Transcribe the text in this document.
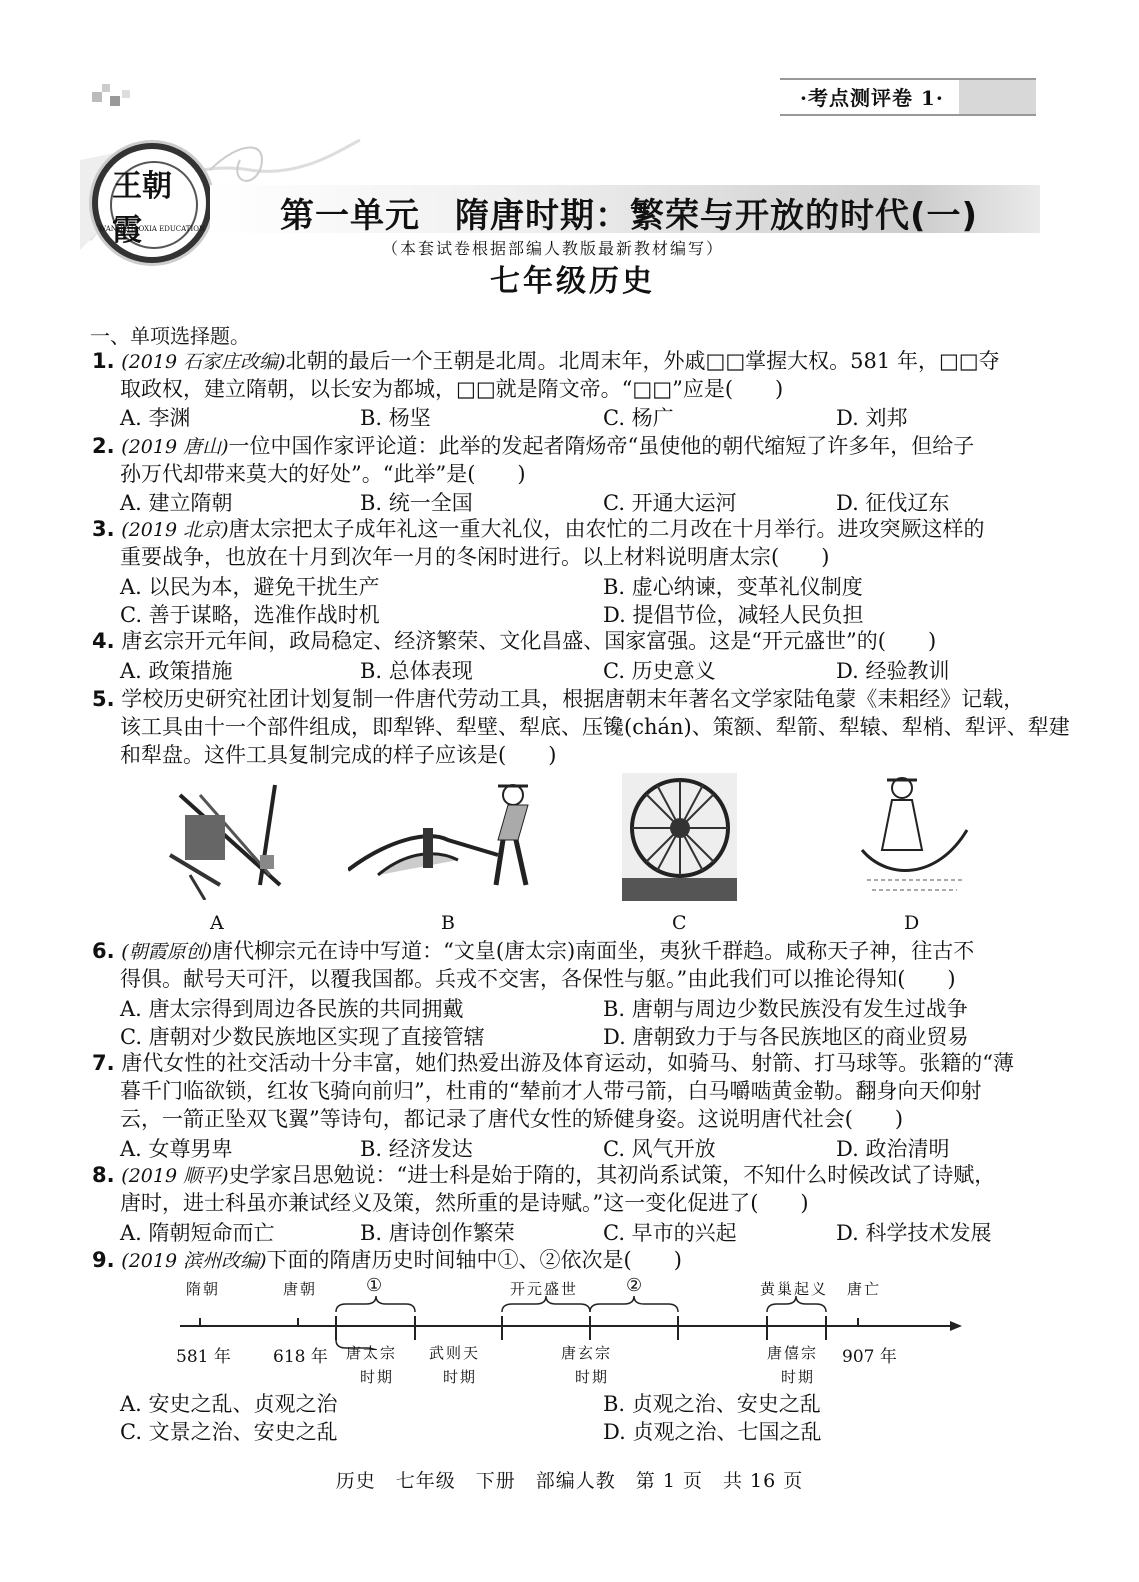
·考点测评卷 1·
王朝霞
WANGZHAOXIA EDUCATION 第一单元　隋唐时期：繁荣与开放的时代(一)
（本套试卷根据部编人教版最新教材编写）
七年级历史
一、单项选择题。
1. (2019 石家庄改编)北朝的最后一个王朝是北周。北周末年，外戚□□掌握大权。581 年，□□夺
取政权，建立隋朝，以长安为都城，□□就是隋文帝。“□□”应是(　　)
A. 李渊	B. 杨坚	C. 杨广	D. 刘邦
2. (2019 唐山)一位中国作家评论道：此举的发起者隋炀帝“虽使他的朝代缩短了许多年，但给子
孙万代却带来莫大的好处”。“此举”是(　　)
A. 建立隋朝	B. 统一全国	C. 开通大运河	D. 征伐辽东
3. (2019 北京)唐太宗把太子成年礼这一重大礼仪，由农忙的二月改在十月举行。进攻突厥这样的
重要战争，也放在十月到次年一月的冬闲时进行。以上材料说明唐太宗(　　)
A. 以民为本，避免干扰生产	B. 虚心纳谏，变革礼仪制度
C. 善于谋略，选准作战时机	D. 提倡节俭，减轻人民负担
4. 唐玄宗开元年间，政局稳定、经济繁荣、文化昌盛、国家富强。这是“开元盛世”的(　　)
A. 政策措施	B. 总体表现	C. 历史意义	D. 经验教训
5. 学校历史研究社团计划复制一件唐代劳动工具，根据唐朝末年著名文学家陆龟蒙《耒耜经》记载，
该工具由十一个部件组成，即犁铧、犁壁、犁底、压镵(chán)、策额、犁箭、犁辕、犁梢、犁评、犁建
和犁盘。这件工具复制完成的样子应该是(　　)
A	B	C	D
6. (朝霞原创)唐代柳宗元在诗中写道：“文皇(唐太宗)南面坐，夷狄千群趋。咸称天子神，往古不
得俱。献号天可汗，以覆我国都。兵戎不交害，各保性与躯。”由此我们可以推论得知(　　)
A. 唐太宗得到周边各民族的共同拥戴	B. 唐朝与周边少数民族没有发生过战争
C. 唐朝对少数民族地区实现了直接管辖	D. 唐朝致力于与各民族地区的商业贸易
7. 唐代女性的社交活动十分丰富，她们热爱出游及体育运动，如骑马、射箭、打马球等。张籍的“薄
暮千门临欲锁，红妆飞骑向前归”，杜甫的“辇前才人带弓箭，白马嚼啮黄金勒。翻身向天仰射
云，一箭正坠双飞翼”等诗句，都记录了唐代女性的矫健身姿。这说明唐代社会(　　)
A. 女尊男卑	B. 经济发达	C. 风气开放	D. 政治清明
8. (2019 顺平)史学家吕思勉说：“进士科是始于隋的，其初尚系试策，不知什么时候改试了诗赋，
唐时，进士科虽亦兼试经义及策，然所重的是诗赋。”这一变化促进了(　　)
A. 隋朝短命而亡	B. 唐诗创作繁荣	C. 早市的兴起	D. 科学技术发展
9. (2019 滨州改编)下面的隋唐历史时间轴中①、②依次是(　　)
隋朝	唐朝	①	开元盛世	②	黄巢起义 唐亡
581 年 618 年	907 年
唐太宗
时期
武则天
时期
唐玄宗
时期
唐僖宗
时期
A. 安史之乱、贞观之治	B. 贞观之治、安史之乱
C. 文景之治、安史之乱	D. 贞观之治、七国之乱
历史　七年级　下册　部编人教　第 1 页　共 16 页
